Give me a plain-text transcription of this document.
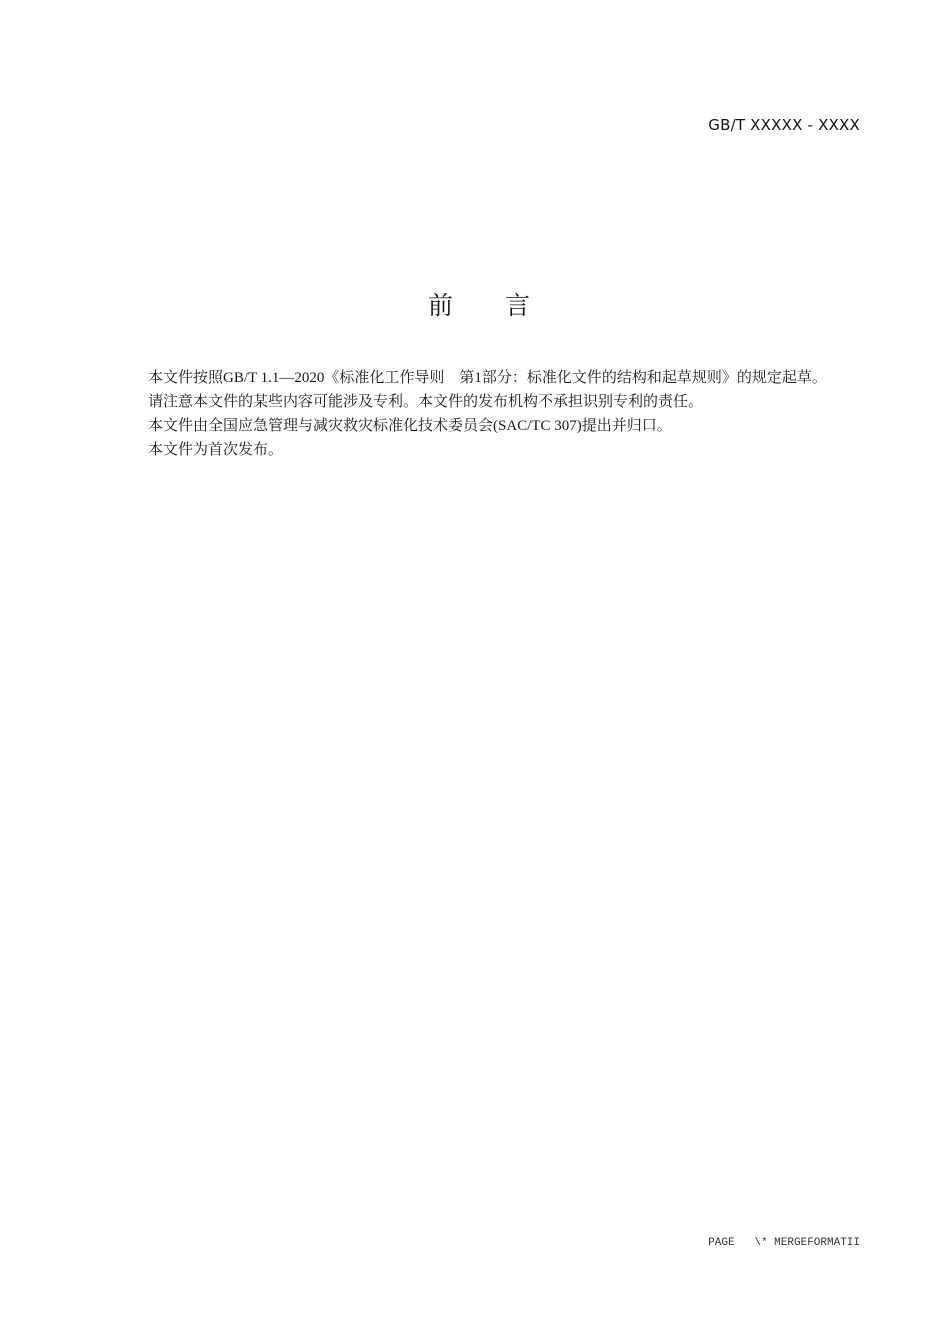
GB/T XXXXX - XXXX
前 言

本文件按照GB/T 1.1—2020《标准化工作导则　第1部分：标准化文件的结构和起草规则》的规定起草。

请注意本文件的某些内容可能涉及专利。本文件的发布机构不承担识别专利的责任。

本文件由全国应急管理与减灾救灾标准化技术委员会(SAC/TC 307)提出并归口。

本文件为首次发布。

PAGE   \* MERGEFORMATII
